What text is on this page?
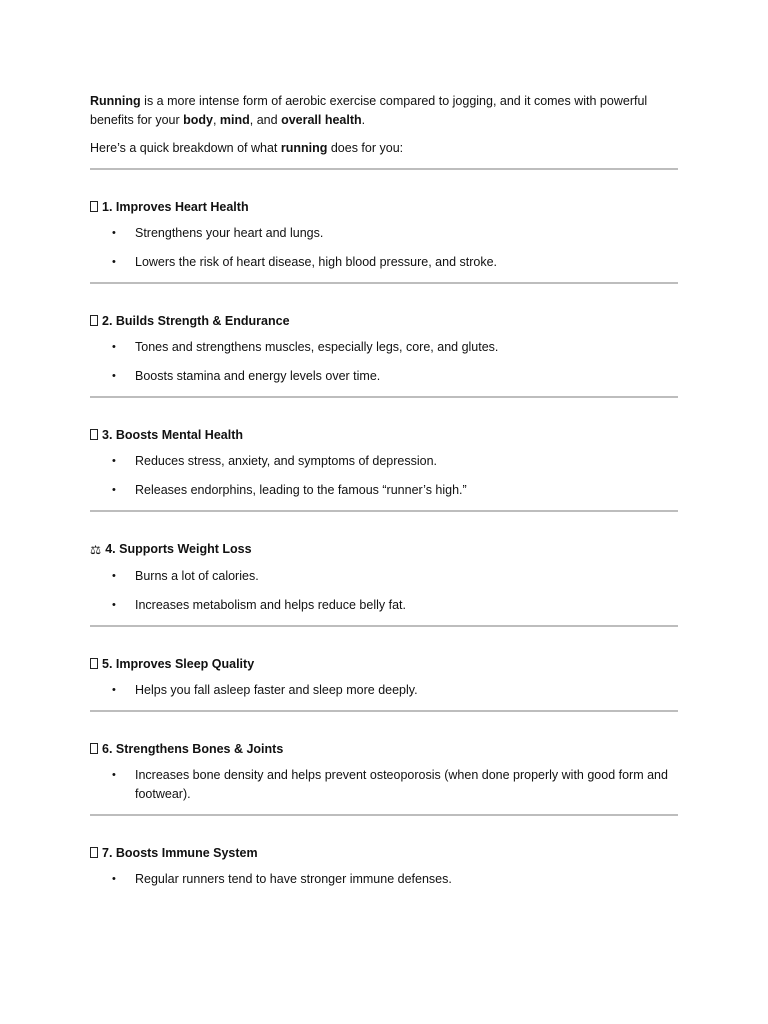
Running is a more intense form of aerobic exercise compared to jogging, and it comes with powerful benefits for your body, mind, and overall health.

Here’s a quick breakdown of what running does for you:

1. Improves Heart Health
• Strengthens your heart and lungs.
• Lowers the risk of heart disease, high blood pressure, and stroke.
2. Builds Strength & Endurance
• Tones and strengthens muscles, especially legs, core, and glutes.
• Boosts stamina and energy levels over time.
3. Boosts Mental Health
• Reduces stress, anxiety, and symptoms of depression.
• Releases endorphins, leading to the famous “runner’s high.”
⚖ 4. Supports Weight Loss
• Burns a lot of calories.
• Increases metabolism and helps reduce belly fat.
5. Improves Sleep Quality
• Helps you fall asleep faster and sleep more deeply.
6. Strengthens Bones & Joints
• Increases bone density and helps prevent osteoporosis (when done properly with good form and footwear).
7. Boosts Immune System
• Regular runners tend to have stronger immune defenses.
